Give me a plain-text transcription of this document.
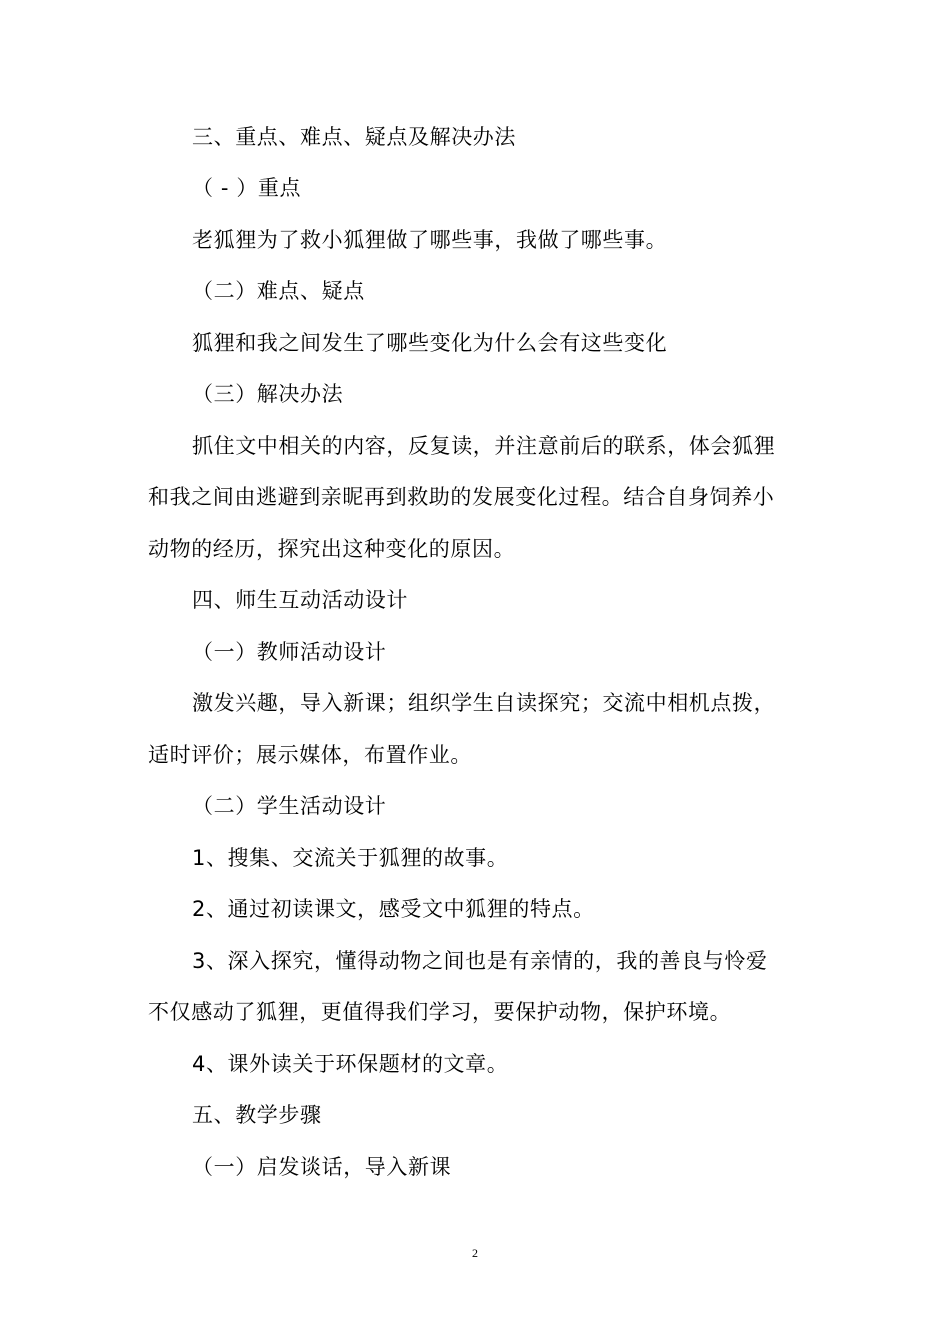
三、重点、难点、疑点及解决办法
（ - ）重点
老狐狸为了救小狐狸做了哪些事，我做了哪些事。
（二）难点、疑点
狐狸和我之间发生了哪些变化为什么会有这些变化
（三）解决办法
抓住文中相关的内容，反复读，并注意前后的联系，体会狐狸
和我之间由逃避到亲昵再到救助的发展变化过程。结合自身饲养小
动物的经历，探究出这种变化的原因。
四、师生互动活动设计
（一）教师活动设计
激发兴趣，导入新课；组织学生自读探究；交流中相机点拨，
适时评价；展示媒体，布置作业。
（二）学生活动设计
1、搜集、交流关于狐狸的故事。
2、通过初读课文，感受文中狐狸的特点。
3、深入探究，懂得动物之间也是有亲情的，我的善良与怜爱
不仅感动了狐狸，更值得我们学习，要保护动物，保护环境。
4、课外读关于环保题材的文章。
五、教学步骤
（一）启发谈话，导入新课
2
